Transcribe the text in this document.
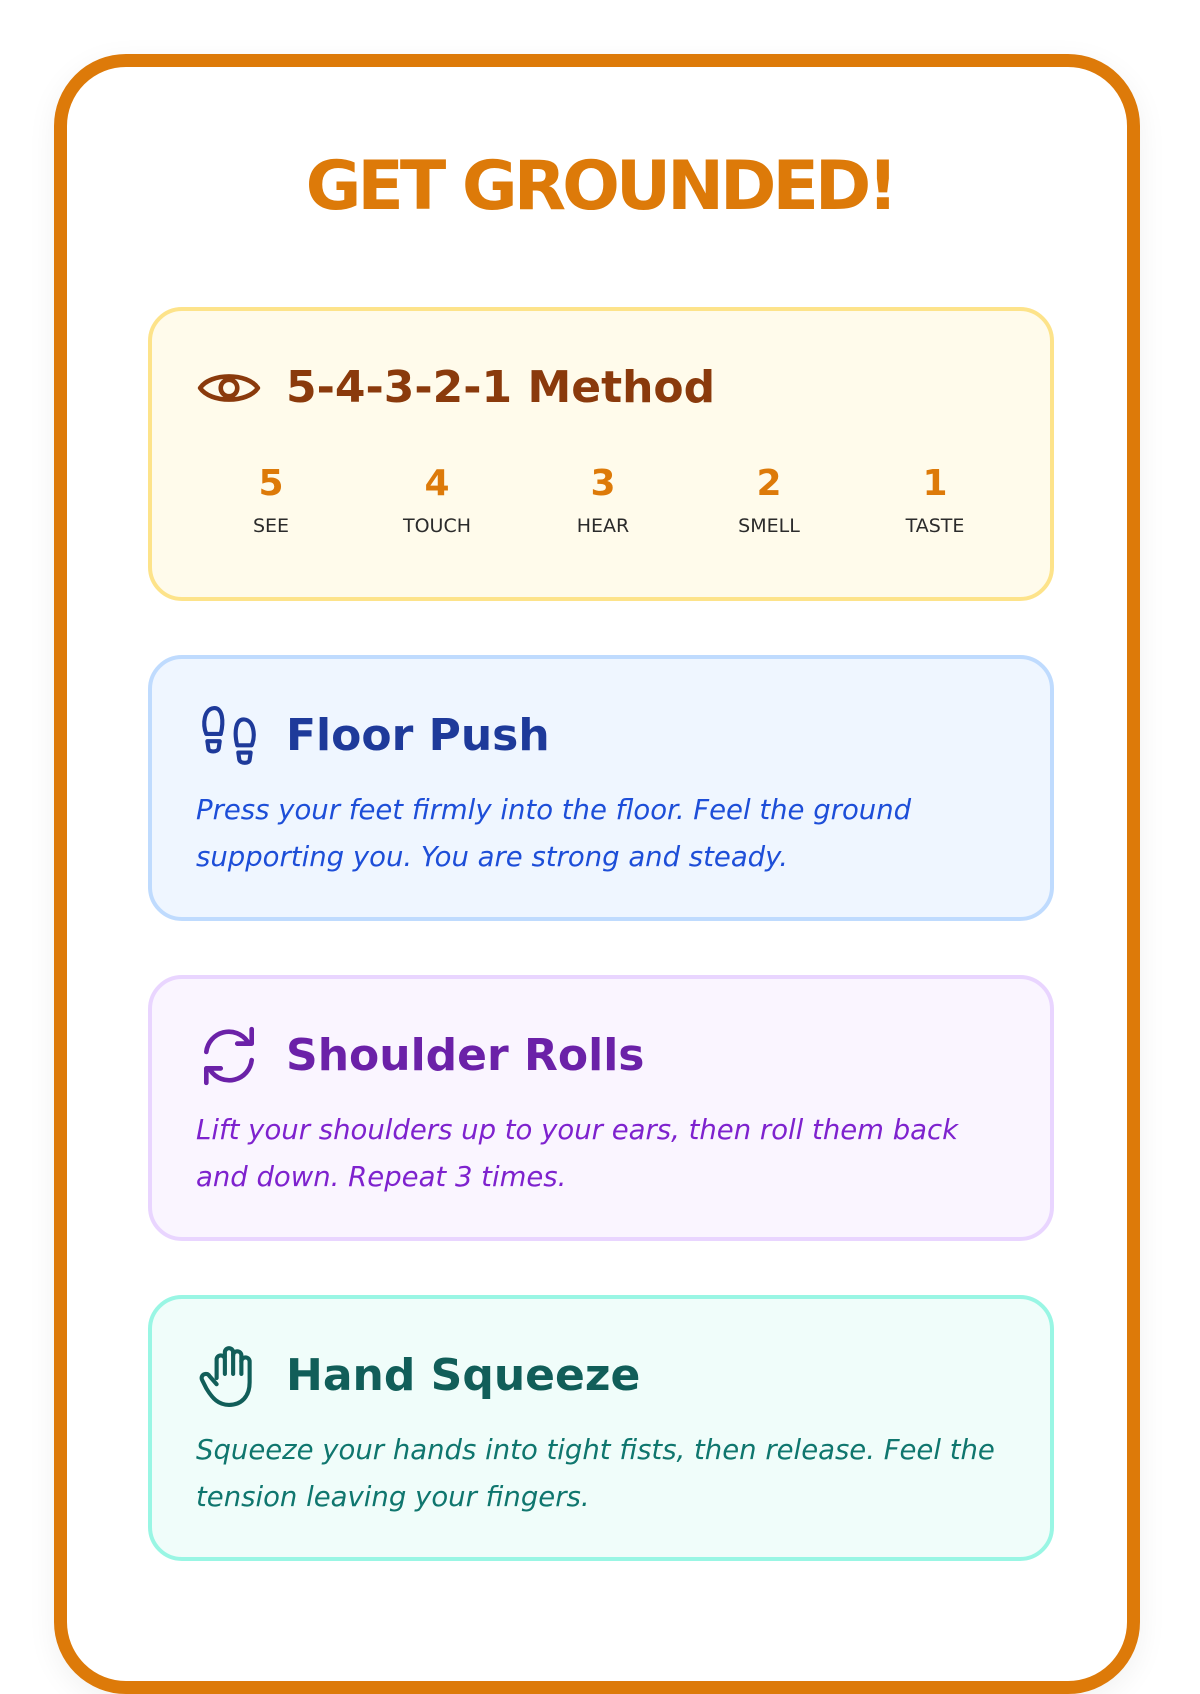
GET GROUNDED!
5-4-3-2-1 Method
5
SEE
4
TOUCH
3
HEAR
2
SMELL
1
TASTE
Floor Push

Press your feet firmly into the floor. Feel the ground supporting you. You are strong and steady.

Shoulder Rolls

Lift your shoulders up to your ears, then roll them back and down. Repeat 3 times.

Hand Squeeze

Squeeze your hands into tight fists, then release. Feel the tension leaving your fingers.
